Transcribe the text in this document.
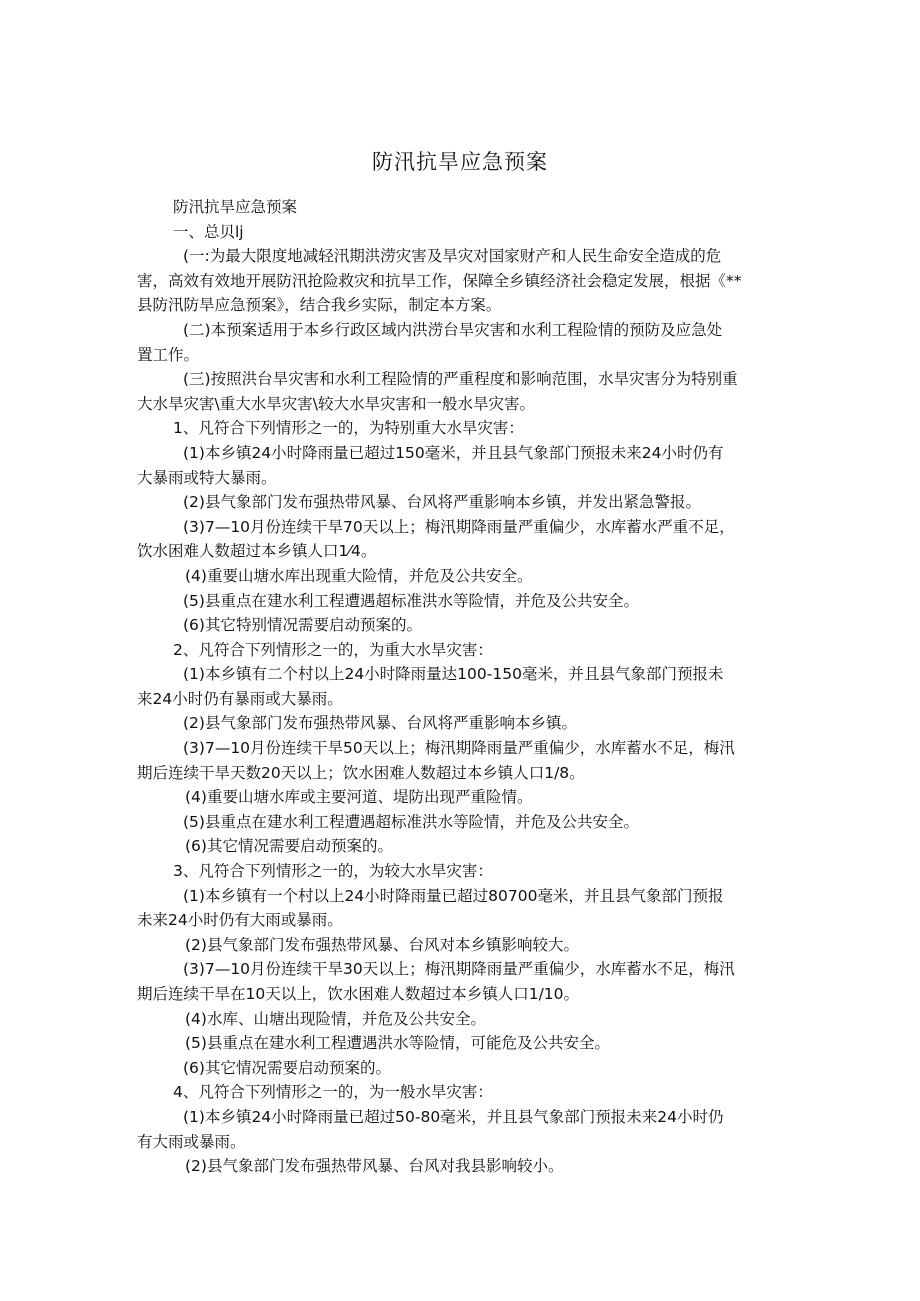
防汛抗旱应急预案

防汛抗旱应急预案

一、总贝lj

(一:为最大限度地减轻汛期洪涝灾害及旱灾对国家财产和人民生命安全造成的危

害，高效有效地开展防汛抢险救灾和抗旱工作，保障全乡镇经济社会稳定发展，根据《**

县防汛防旱应急预案》，结合我乡实际，制定本方案。

(二)本预案适用于本乡行政区域内洪涝台旱灾害和水利工程险情的预防及应急处

置工作。

(三)按照洪台旱灾害和水利工程险情的严重程度和影响范围，水旱灾害分为特别重

大水旱灾害\重大水旱灾害\较大水旱灾害和一般水旱灾害。

1、凡符合下列情形之一的，为特别重大水旱灾害：

(1)本乡镇24小时降雨量已超过150毫米，并且县气象部门预报未来24小时仍有

大暴雨或特大暴雨。

(2)县气象部门发布强热带风暴、台风将严重影响本乡镇，并发出紧急警报。

(3)7—10月份连续干旱70天以上；梅汛期降雨量严重偏少，水库蓄水严重不足，

饮水困难人数超过本乡镇人口1⁄4。

(4)重要山塘水库出现重大险情，并危及公共安全。

(5)县重点在建水利工程遭遇超标准洪水等险情，并危及公共安全。

(6)其它特别情况需要启动预案的。

2、凡符合下列情形之一的，为重大水旱灾害：

(1)本乡镇有二个村以上24小时降雨量达100-150毫米，并且县气象部门预报未

来24小时仍有暴雨或大暴雨。

(2)县气象部门发布强热带风暴、台风将严重影响本乡镇。

(3)7—10月份连续干旱50天以上；梅汛期降雨量严重偏少，水库蓄水不足，梅汛

期后连续干旱天数20天以上；饮水困难人数超过本乡镇人口1/8。

(4)重要山塘水库或主要河道、堤防出现严重险情。

(5)县重点在建水利工程遭遇超标准洪水等险情，并危及公共安全。

(6)其它情况需要启动预案的。

3、凡符合下列情形之一的，为较大水旱灾害：

(1)本乡镇有一个村以上24小时降雨量已超过80700毫米，并且县气象部门预报

未来24小时仍有大雨或暴雨。

(2)县气象部门发布强热带风暴、台风对本乡镇影响较大。

(3)7—10月份连续干旱30天以上；梅汛期降雨量严重偏少，水库蓄水不足，梅汛

期后连续干旱在10天以上，饮水困难人数超过本乡镇人口1/10。

(4)水库、山塘出现险情，并危及公共安全。

(5)县重点在建水利工程遭遇洪水等险情，可能危及公共安全。

(6)其它情况需要启动预案的。

4、凡符合下列情形之一的，为一般水旱灾害：

(1)本乡镇24小时降雨量已超过50-80毫米，并且县气象部门预报未来24小时仍

有大雨或暴雨。

(2)县气象部门发布强热带风暴、台风对我县影响较小。
